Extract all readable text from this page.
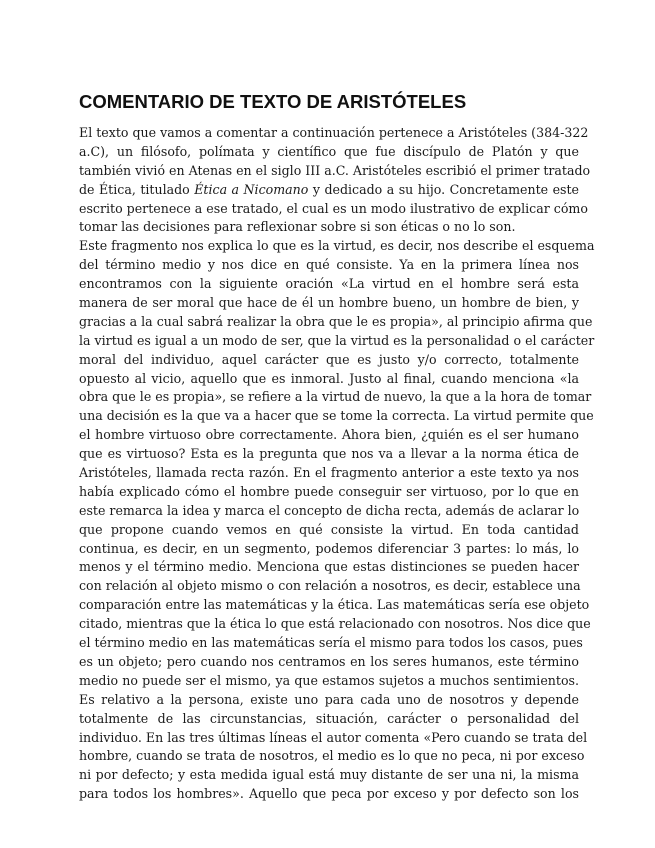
COMENTARIO DE TEXTO DE ARISTÓTELES
El texto que vamos a comentar a continuación pertenece a Aristóteles (384-322
a.C), un filósofo, polímata y científico que fue discípulo de Platón y que
también vivió en Atenas en el siglo III a.C. Aristóteles escribió el primer tratado
de Ética, titulado Ética a Nicomano y dedicado a su hijo. Concretamente este
escrito pertenece a ese tratado, el cual es un modo ilustrativo de explicar cómo
tomar las decisiones para reflexionar sobre si son éticas o no lo son.
Este fragmento nos explica lo que es la virtud, es decir, nos describe el esquema
del término medio y nos dice en qué consiste. Ya en la primera línea nos
encontramos con la siguiente oración «La virtud en el hombre será esta
manera de ser moral que hace de él un hombre bueno, un hombre de bien, y
gracias a la cual sabrá realizar la obra que le es propia», al principio afirma que
la virtud es igual a un modo de ser, que la virtud es la personalidad o el carácter
moral del individuo, aquel carácter que es justo y/o correcto, totalmente
opuesto al vicio, aquello que es inmoral. Justo al final, cuando menciona «la
obra que le es propia», se refiere a la virtud de nuevo, la que a la hora de tomar
una decisión es la que va a hacer que se tome la correcta. La virtud permite que
el hombre virtuoso obre correctamente. Ahora bien, ¿quién es el ser humano
que es virtuoso? Esta es la pregunta que nos va a llevar a la norma ética de
Aristóteles, llamada recta razón. En el fragmento anterior a este texto ya nos
había explicado cómo el hombre puede conseguir ser virtuoso, por lo que en
este remarca la idea y marca el concepto de dicha recta, además de aclarar lo
que propone cuando vemos en qué consiste la virtud. En toda cantidad
continua, es decir, en un segmento, podemos diferenciar 3 partes: lo más, lo
menos y el término medio. Menciona que estas distinciones se pueden hacer
con relación al objeto mismo o con relación a nosotros, es decir, establece una
comparación entre las matemáticas y la ética. Las matemáticas sería ese objeto
citado, mientras que la ética lo que está relacionado con nosotros. Nos dice que
el término medio en las matemáticas sería el mismo para todos los casos, pues
es un objeto; pero cuando nos centramos en los seres humanos, este término
medio no puede ser el mismo, ya que estamos sujetos a muchos sentimientos.
Es relativo a la persona, existe uno para cada uno de nosotros y depende
totalmente de las circunstancias, situación, carácter o personalidad del
individuo. En las tres últimas líneas el autor comenta «Pero cuando se trata del
hombre, cuando se trata de nosotros, el medio es lo que no peca, ni por exceso
ni por defecto; y esta medida igual está muy distante de ser una ni, la misma
para todos los hombres». Aquello que peca por exceso y por defecto son los
